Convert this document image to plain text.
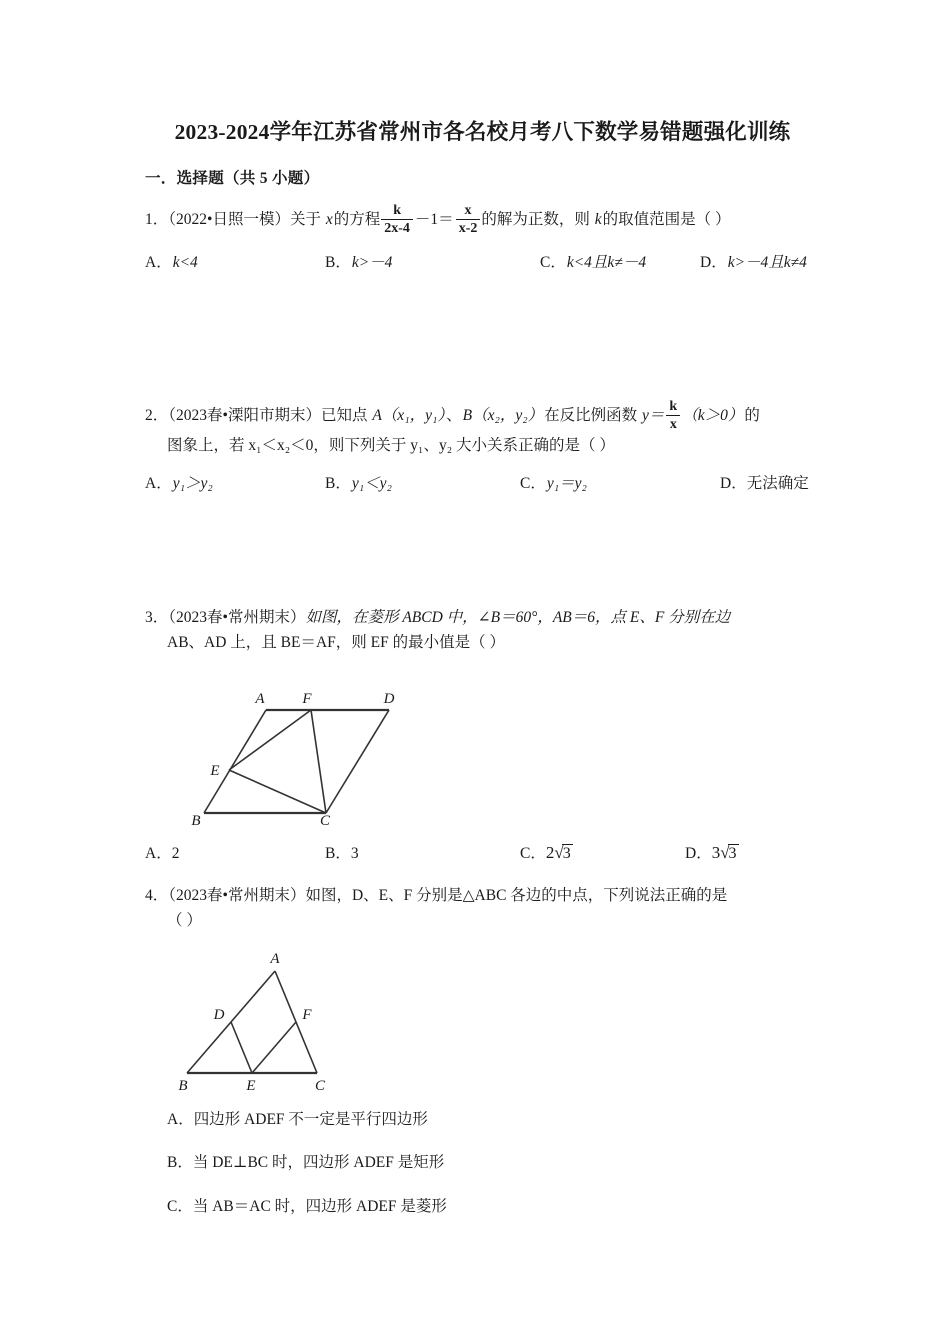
2023-2024学年江苏省常州市各名校月考八下数学易错题强化训练
一．选择题（共 5 小题）
1．（2022•日照一模）关于 x的方程 $\frac{k}{2x-4} -1= \frac{x}{x-2}$ 的解为正数，则 k的取值范围是（ ）
A．k<4	B．k>－4	C．k<4且k≠－4	D．k>－4且k≠4
2．（2023春•溧阳市期末）已知点 A（x₁，y₁）、B（x₂，y₂）在反比例函数 $y= \frac{k}{x} (k>0)$的
图象上，若 x₁＜x₂＜0，则下列关于 y₁、y₂ 大小关系正确的是（ ）
A．y₁＞y₂	B．y₁＜y₂	C．y₁＝y₂	D．无法确定
3．（2023春•常州期末）如图，在菱形 ABCD 中，∠B＝60°，AB＝6，点 E、F 分别在边
AB、AD 上，且 BE＝AF，则 EF 的最小值是（ ）
A	F	D
E
B	C
A．2	B．3	C．2√3	D．3√3
4．（2023春•常州期末）如图，D、E、F 分别是△ABC 各边的中点，下列说法正确的是
（ ）
A
D	F
B	E	C
A．四边形 ADEF 不一定是平行四边形
B．当 DE⊥BC 时，四边形 ADEF 是矩形
C．当 AB＝AC 时，四边形 ADEF 是菱形
